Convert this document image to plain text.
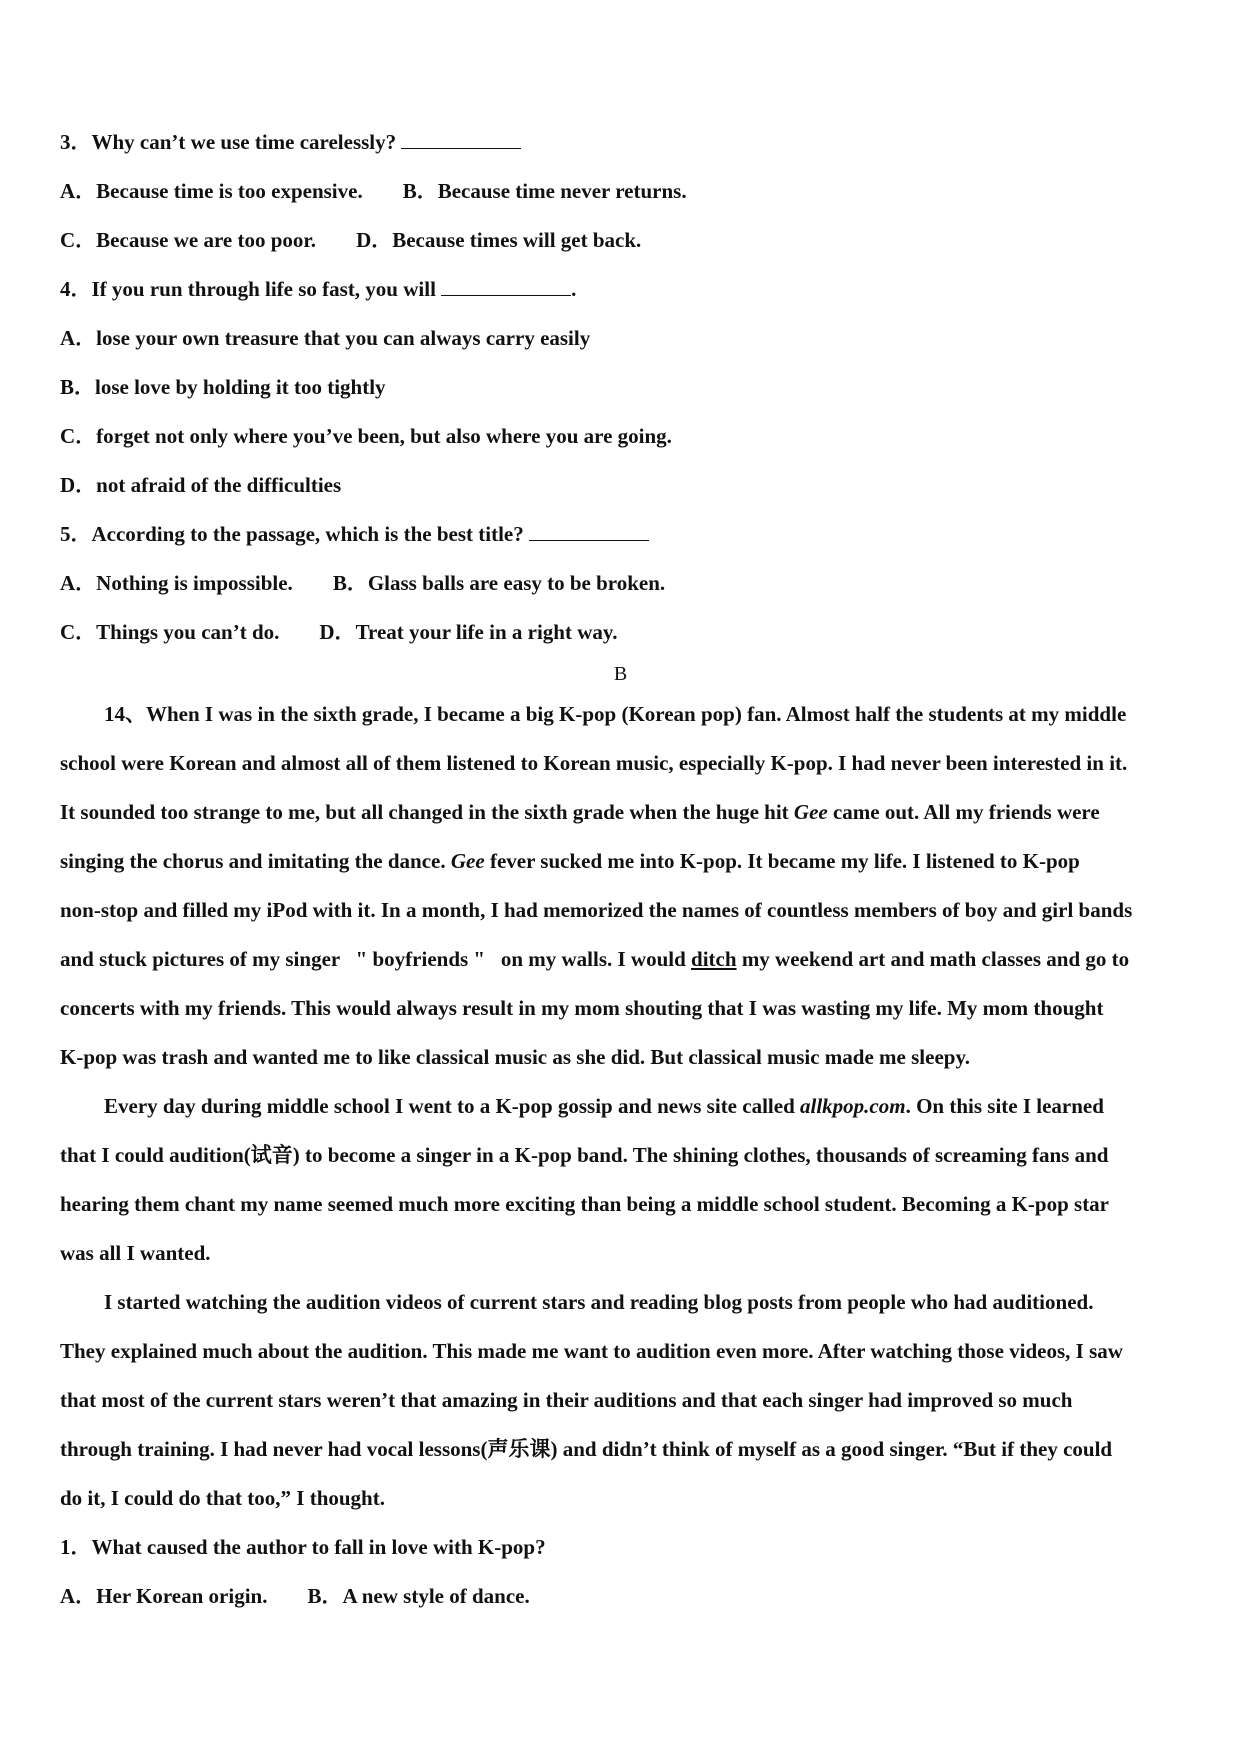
3．Why can’t we use time carelessly?
A．Because time is too expensive. B．Because time never returns.
C．Because we are too poor. D．Because times will get back.
4．If you run through life so fast, you will	.
A．lose your own treasure that you can always carry easily
B．lose love by holding it too tightly
C．forget not only where you’ve been, but also where you are going.
D．not afraid of the difficulties
5．According to the passage, which is the best title?
A．Nothing is impossible. B．Glass balls are easy to be broken.
C．Things you can’t do. D．Treat your life in a right way.
B
14、When I was in the sixth grade, I became a big K-pop (Korean pop) fan. Almost half the students at my middle
school were Korean and almost all of them listened to Korean music, especially K-pop. I had never been interested in it.
It sounded too strange to me, but all changed in the sixth grade when the huge hit Gee came out. All my friends were
singing the chorus and imitating the dance. Gee fever sucked me into K-pop. It became my life. I listened to K-pop
non-stop and filled my iPod with it. In a month, I had memorized the names of countless members of boy and girl bands
and stuck pictures of my singer   " boyfriends "   on my walls. I would ditch my weekend art and math classes and go to
concerts with my friends. This would always result in my mom shouting that I was wasting my life. My mom thought
K-pop was trash and wanted me to like classical music as she did. But classical music made me sleepy.
Every day during middle school I went to a K-pop gossip and news site called allkpop.com. On this site I learned
that I could audition(试音) to become a singer in a K-pop band. The shining clothes, thousands of screaming fans and
hearing them chant my name seemed much more exciting than being a middle school student. Becoming a K-pop star
was all I wanted.
I started watching the audition videos of current stars and reading blog posts from people who had auditioned.
They explained much about the audition. This made me want to audition even more. After watching those videos, I saw
that most of the current stars weren’t that amazing in their auditions and that each singer had improved so much
through training. I had never had vocal lessons(声乐课) and didn’t think of myself as a good singer. “But if they could
do it, I could do that too,” I thought.
1．What caused the author to fall in love with K-pop?
A．Her Korean origin. B．A new style of dance.
